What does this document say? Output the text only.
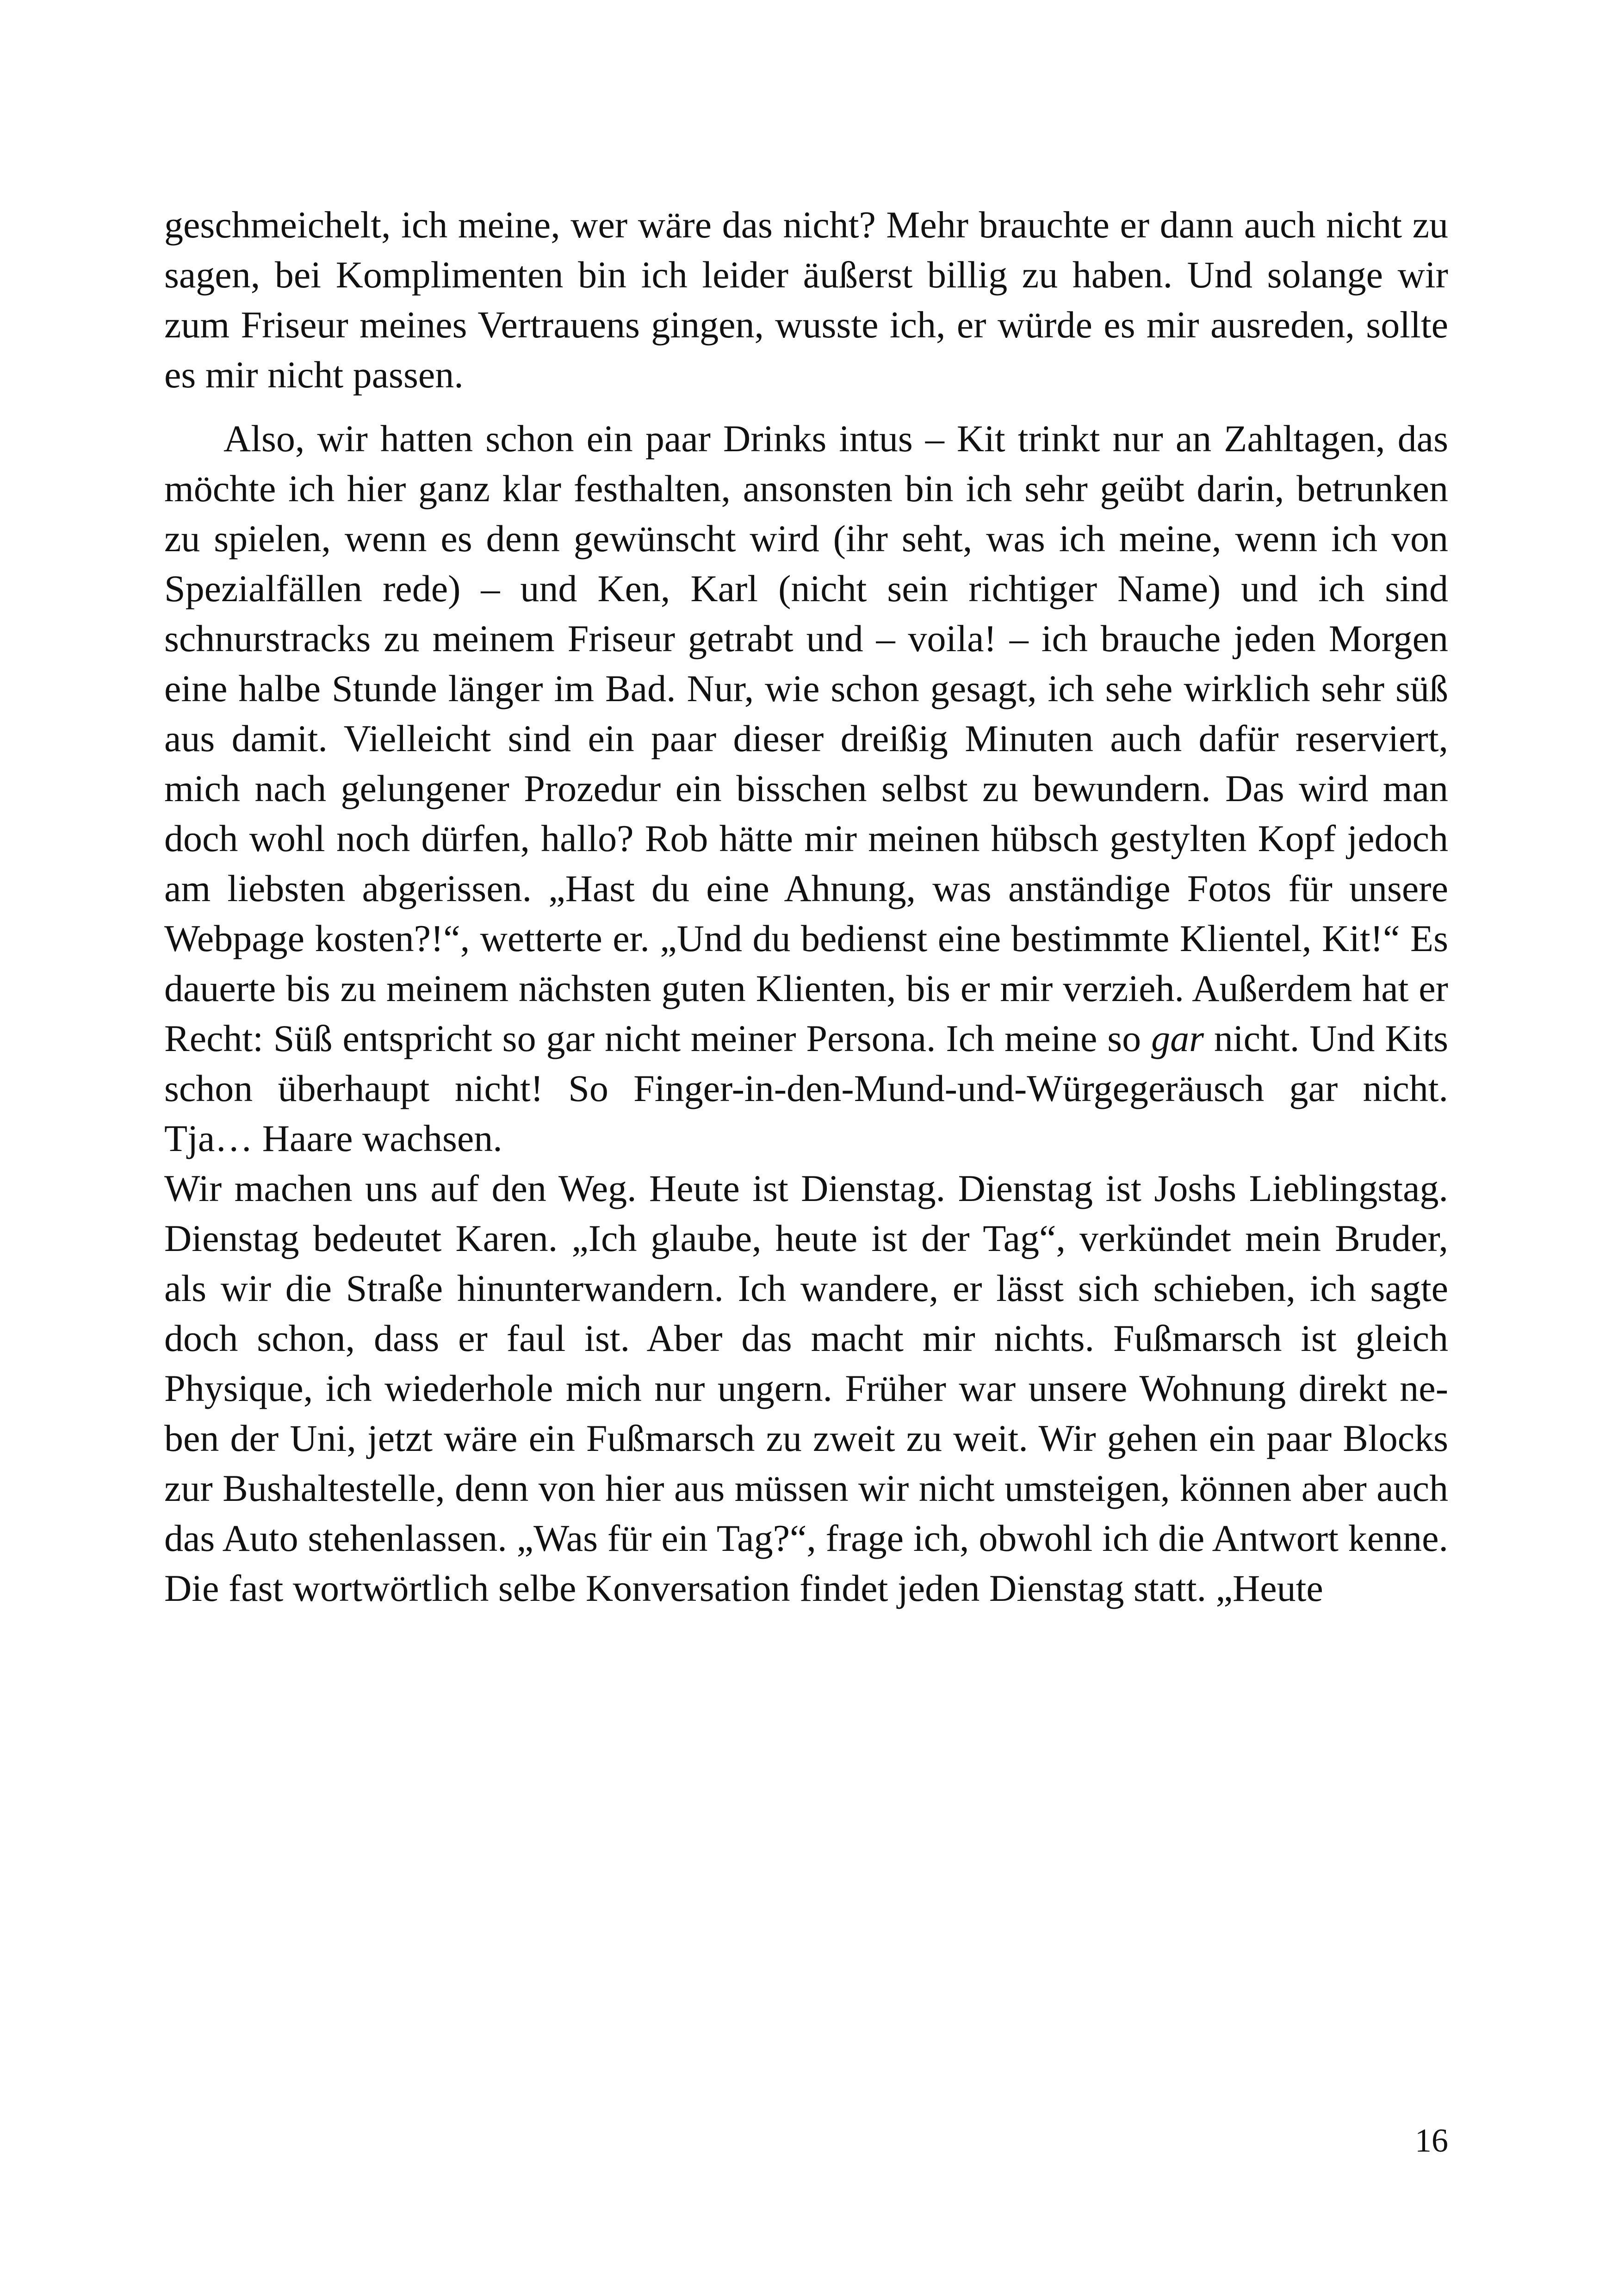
geschmeichelt, ich meine, wer wäre das nicht? Mehr brauchte er dann auch nicht zu sagen, bei Komplimenten bin ich leider äußerst billig zu haben. Und solange wir zum Friseur meines Vertrauens gingen, wusste ich, er würde es mir ausreden, sollte es mir nicht passen.

Also, wir hatten schon ein paar Drinks intus – Kit trinkt nur an Zahltagen, das möchte ich hier ganz klar festhalten, ansonsten bin ich sehr geübt darin, betrunken zu spielen, wenn es denn gewünscht wird (ihr seht, was ich meine, wenn ich von Spezialfällen rede) – und Ken, Karl (nicht sein richtiger Name) und ich sind schnurstracks zu meinem Friseur getrabt und – voila! – ich brauche jeden Morgen eine halbe Stunde länger im Bad. Nur, wie schon gesagt, ich sehe wirklich sehr süß aus damit. Vielleicht sind ein paar dieser dreißig Minuten auch dafür reserviert, mich nach gelungener Prozedur ein bisschen selbst zu bewundern. Das wird man doch wohl noch dürfen, hallo? Rob hätte mir meinen hübsch gestylten Kopf jedoch am liebsten abgerissen. „Hast du eine Ahnung, was anständige Fotos für unsere Webpage kosten?!“, wetterte er. „Und du bedienst eine bestimmte Klientel, Kit!“ Es dauerte bis zu meinem nächsten guten Klienten, bis er mir verzieh. Außerdem hat er Recht: Süß entspricht so gar nicht meiner Persona. Ich meine so gar nicht. Und Kits schon überhaupt nicht! So Finger-in-den-Mund-und-Würgegeräusch gar nicht. Tja… Haare wachsen.

Wir machen uns auf den Weg. Heute ist Dienstag. Dienstag ist Joshs Lieblingstag. Dienstag bedeutet Karen. „Ich glaube, heute ist der Tag“, verkündet mein Bruder, als wir die Straße hinunterwandern. Ich wandere, er lässt sich schieben, ich sagte doch schon, dass er faul ist. Aber das macht mir nichts. Fußmarsch ist gleich Physique, ich wiederhole mich nur ungern. Früher war unsere Wohnung direkt neben der Uni, jetzt wäre ein Fußmarsch zu zweit zu weit. Wir gehen ein paar Blocks zur Bushaltestelle, denn von hier aus müssen wir nicht umsteigen, können aber auch das Auto stehenlassen. „Was für ein Tag?“, frage ich, obwohl ich die Antwort kenne. Die fast wortwörtlich selbe Konversation findet jeden Dienstag statt. „Heute

16
